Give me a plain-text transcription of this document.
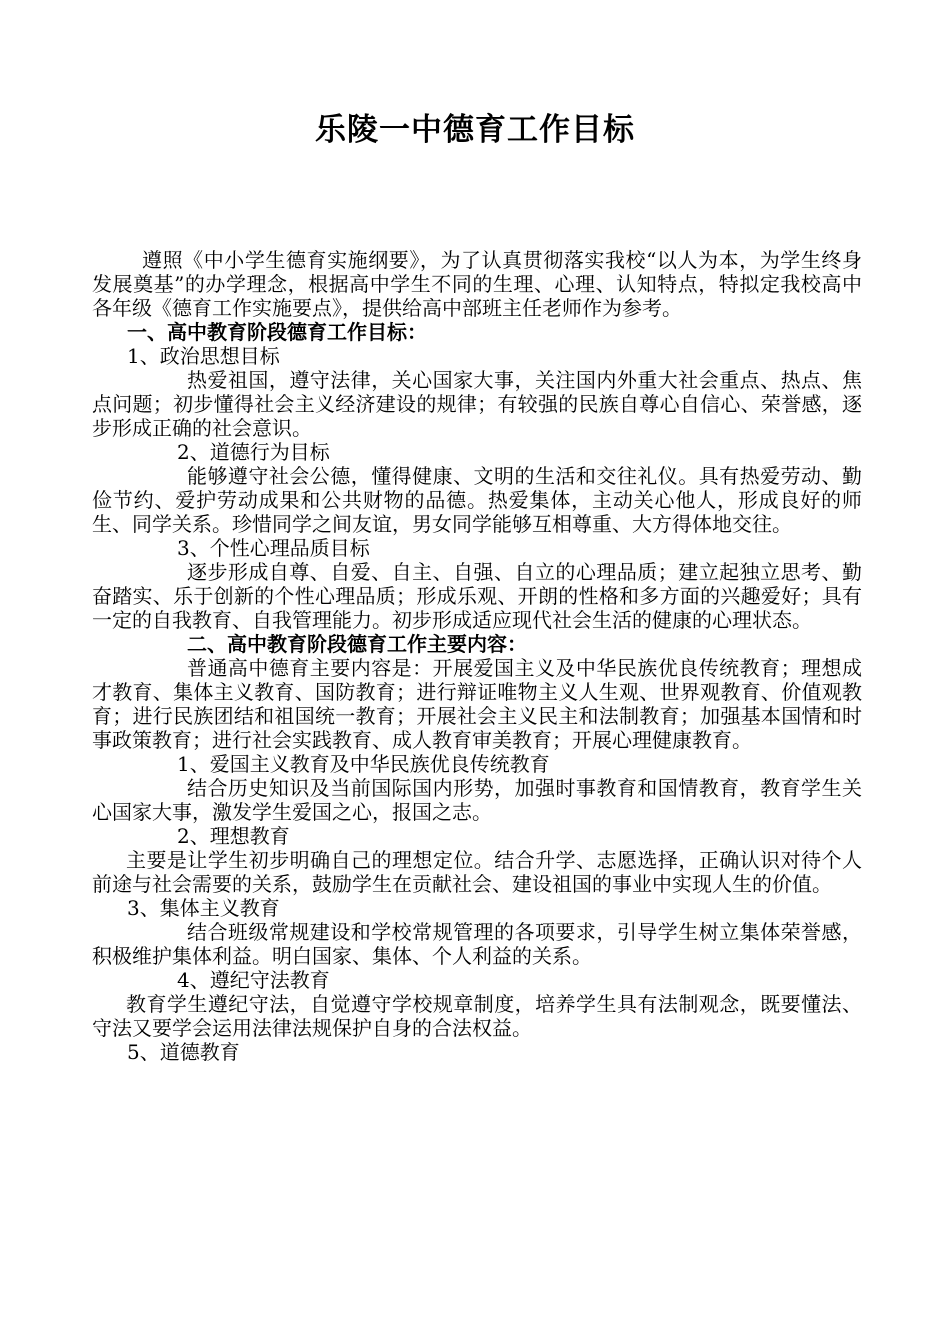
乐陵一中德育工作目标

遵照《中小学生德育实施纲要》，为了认真贯彻落实我校“以人为本，为学生终身发展奠基”的办学理念，根据高中学生不同的生理、心理、认知特点，特拟定我校高中各年级《德育工作实施要点》，提供给高中部班主任老师作为参考。

一、高中教育阶段德育工作目标：

1、政治思想目标

热爱祖国，遵守法律，关心国家大事，关注国内外重大社会重点、热点、焦点问题；初步懂得社会主义经济建设的规律；有较强的民族自尊心自信心、荣誉感，逐步形成正确的社会意识。

2、道德行为目标

能够遵守社会公德，懂得健康、文明的生活和交往礼仪。具有热爱劳动、勤俭节约、爱护劳动成果和公共财物的品德。热爱集体，主动关心他人，形成良好的师生、同学关系。珍惜同学之间友谊，男女同学能够互相尊重、大方得体地交往。

3、个性心理品质目标

逐步形成自尊、自爱、自主、自强、自立的心理品质；建立起独立思考、勤奋踏实、乐于创新的个性心理品质；形成乐观、开朗的性格和多方面的兴趣爱好；具有一定的自我教育、自我管理能力。初步形成适应现代社会生活的健康的心理状态。

二、高中教育阶段德育工作主要内容：

普通高中德育主要内容是：开展爱国主义及中华民族优良传统教育；理想成才教育、集体主义教育、国防教育；进行辩证唯物主义人生观、世界观教育、价值观教育；进行民族团结和祖国统一教育；开展社会主义民主和法制教育；加强基本国情和时事政策教育；进行社会实践教育、成人教育审美教育；开展心理健康教育。

1、爱国主义教育及中华民族优良传统教育

结合历史知识及当前国际国内形势，加强时事教育和国情教育，教育学生关心国家大事，激发学生爱国之心，报国之志。

2、理想教育

主要是让学生初步明确自己的理想定位。结合升学、志愿选择，正确认识对待个人前途与社会需要的关系，鼓励学生在贡献社会、建设祖国的事业中实现人生的价值。

3、集体主义教育

结合班级常规建设和学校常规管理的各项要求，引导学生树立集体荣誉感，积极维护集体利益。明白国家、集体、个人利益的关系。

4、遵纪守法教育

教育学生遵纪守法，自觉遵守学校规章制度，培养学生具有法制观念，既要懂法、守法又要学会运用法律法规保护自身的合法权益。

5、道德教育
